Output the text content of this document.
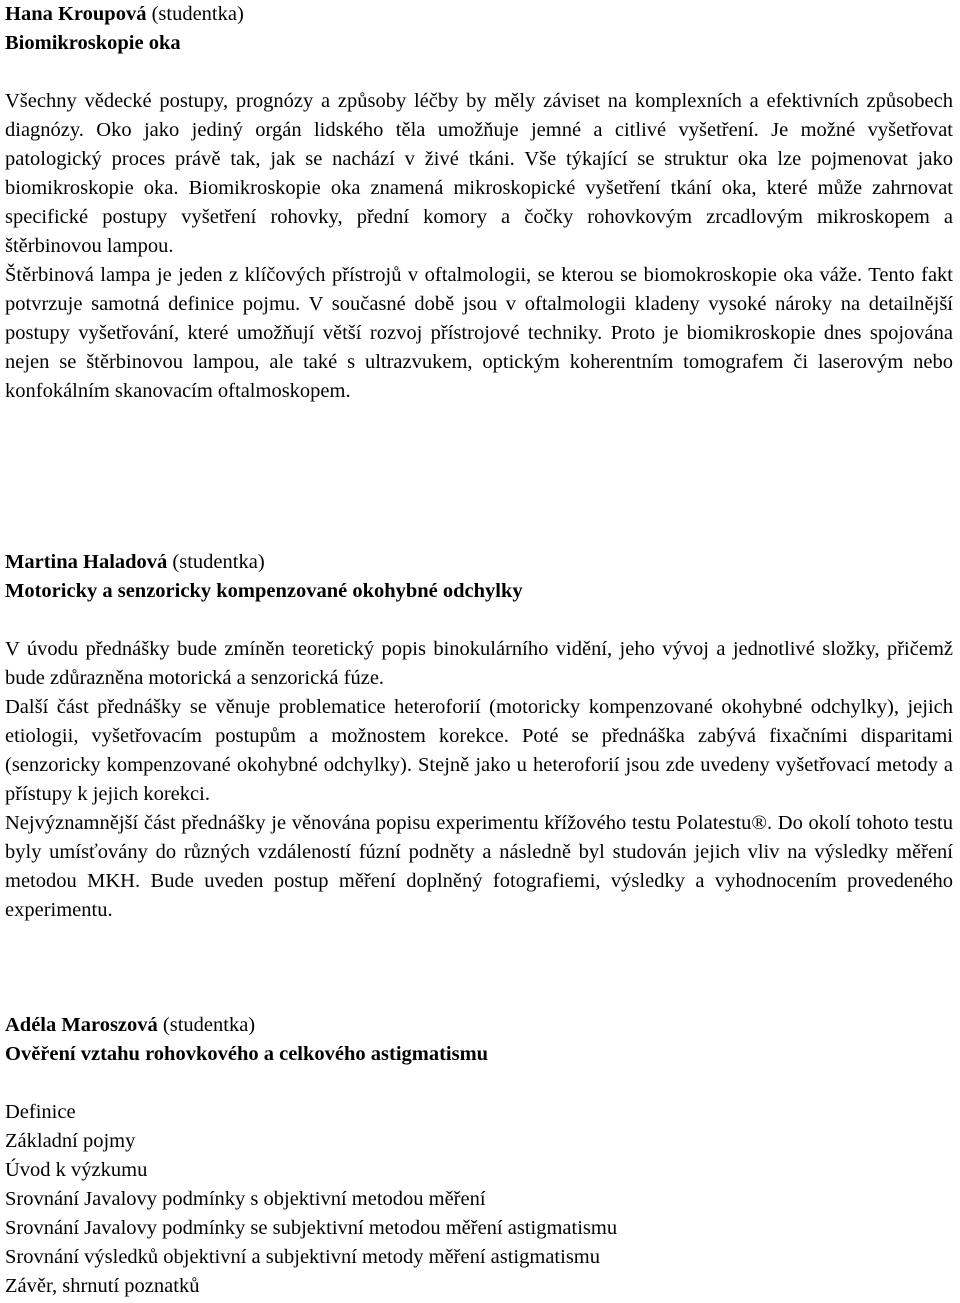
Hana Kroupová (studentka)
Biomikroskopie oka

Všechny vědecké postupy, prognózy a způsoby léčby by měly záviset na komplexních a efektivních způsobech diagnózy. Oko jako jediný orgán lidského těla umožňuje jemné a citlivé vyšetření. Je možné vyšetřovat patologický proces právě tak, jak se nachází v živé tkáni. Vše týkající se struktur oka lze pojmenovat jako biomikroskopie oka. Biomikroskopie oka znamená mikroskopické vyšetření tkání oka, které může zahrnovat specifické postupy vyšetření rohovky, přední komory a čočky rohovkovým zrcadlovým mikroskopem a štěrbinovou lampou.

Štěrbinová lampa je jeden z klíčových přístrojů v oftalmologii, se kterou se biomokroskopie oka váže. Tento fakt potvrzuje samotná definice pojmu. V současné době jsou v oftalmologii kladeny vysoké nároky na detailnější postupy vyšetřování, které umožňují větší rozvoj přístrojové techniky. Proto je biomikroskopie dnes spojována nejen se štěrbinovou lampou, ale také s ultrazvukem, optickým koherentním tomografem či laserovým nebo konfokálním skanovacím oftalmoskopem.

Martina Haladová (studentka)
Motoricky a senzoricky kompenzované okohybné odchylky

V úvodu přednášky bude zmíněn teoretický popis binokulárního vidění, jeho vývoj a jednotlivé složky, přičemž bude zdůrazněna motorická a senzorická fúze.

Další část přednášky se věnuje problematice heteroforií (motoricky kompenzované okohybné odchylky), jejich etiologii, vyšetřovacím postupům a možnostem korekce. Poté se přednáška zabývá fixačními disparitami (senzoricky kompenzované okohybné odchylky). Stejně jako u heteroforií jsou zde uvedeny vyšetřovací metody a přístupy k jejich korekci.

Nejvýznamnější část přednášky je věnována popisu experimentu křížového testu Polatestu®. Do okolí tohoto testu byly umísťovány do různých vzdáleností fúzní podněty a následně byl studován jejich vliv na výsledky měření metodou MKH. Bude uveden postup měření doplněný fotografiemi, výsledky a vyhodnocením provedeného experimentu.

Adéla Maroszová (studentka)
Ověření vztahu rohovkového a celkového astigmatismu
Definice
Základní pojmy
Úvod k výzkumu
Srovnání Javalovy podmínky s objektivní metodou měření
Srovnání Javalovy podmínky se subjektivní metodou měření astigmatismu
Srovnání výsledků objektivní a subjektivní metody měření astigmatismu
Závěr, shrnutí poznatků
